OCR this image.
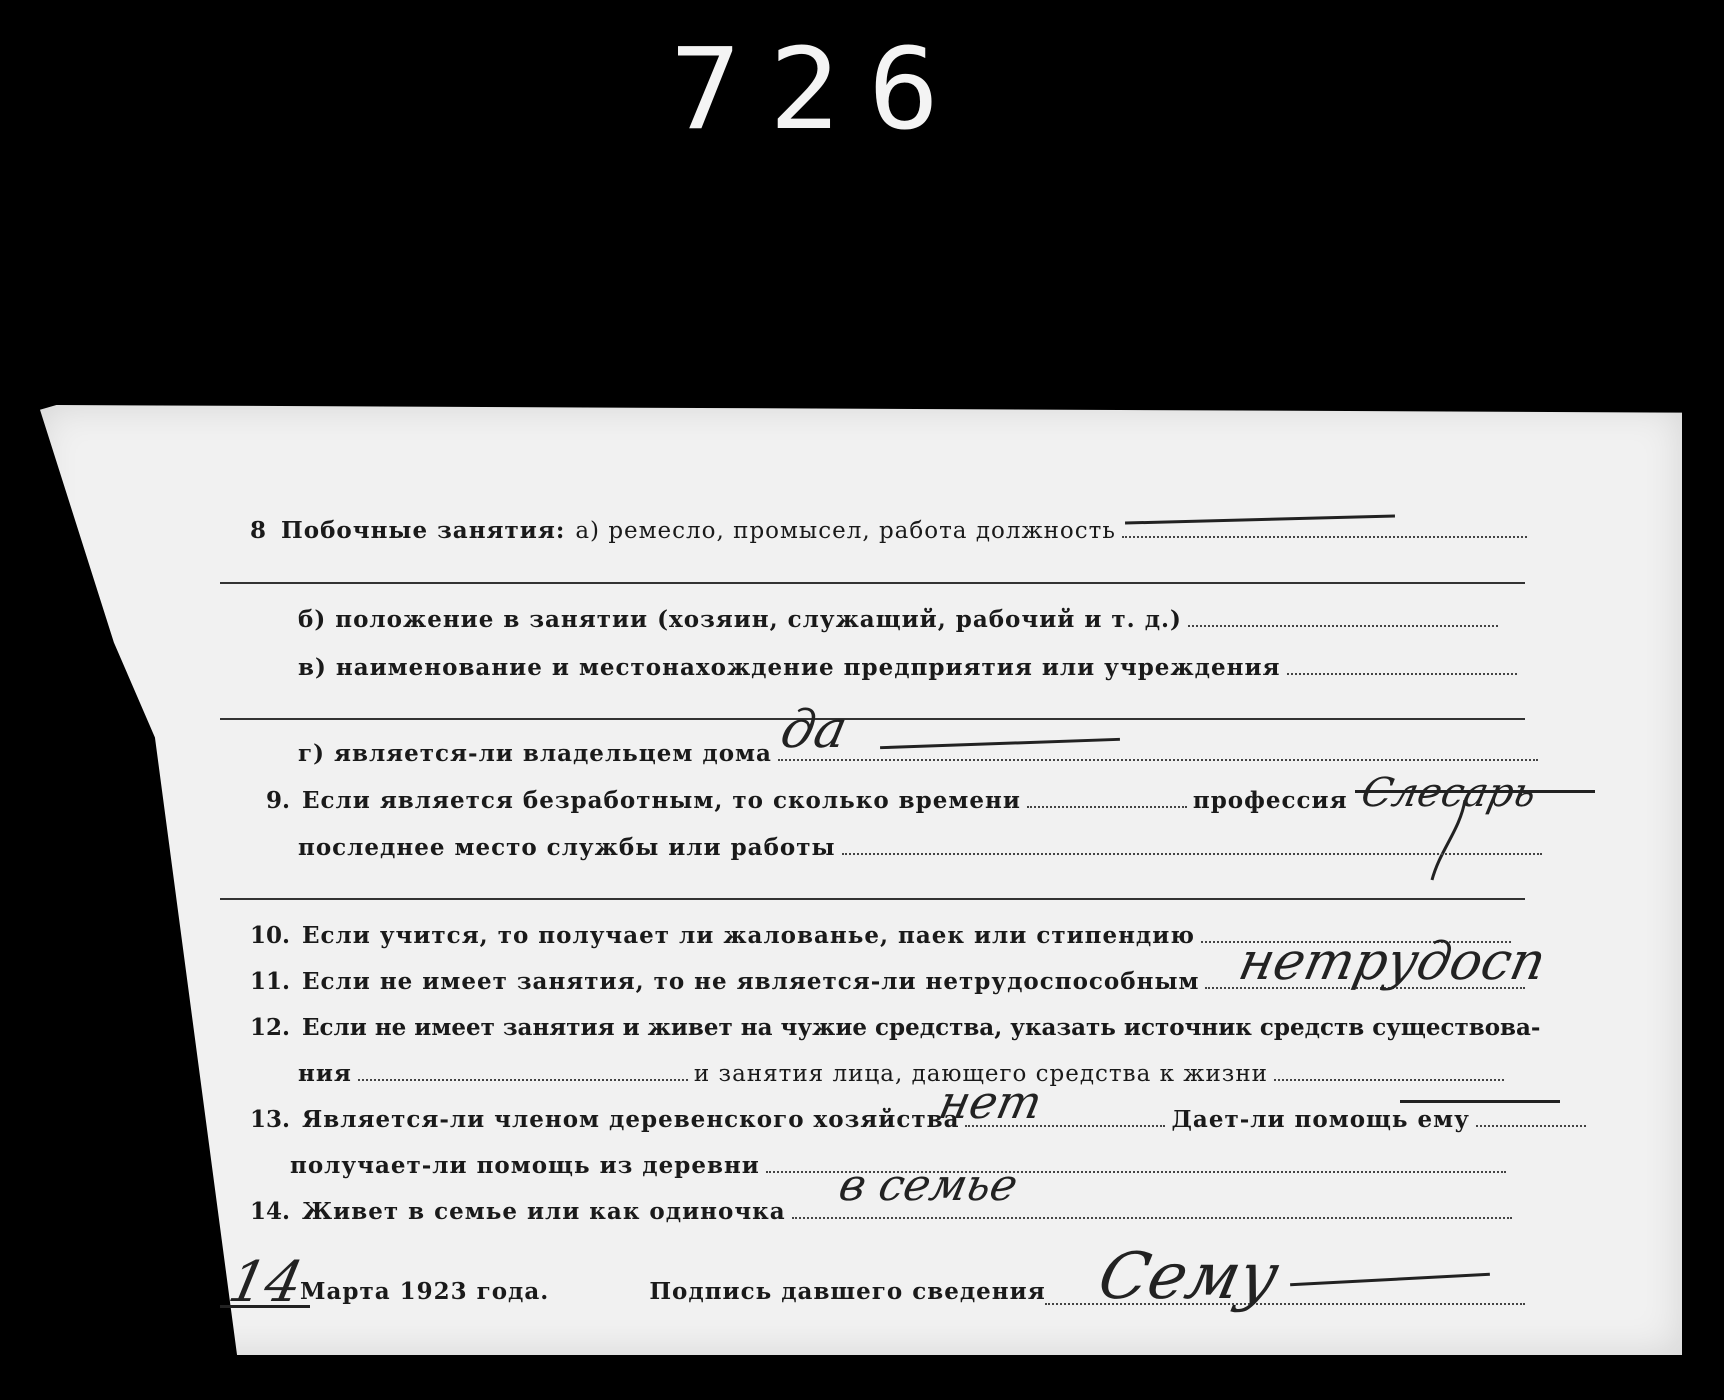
726
8 Побочные занятия: а) ремесло, промысел, работа должность
б) положение в занятии (хозяин, служащий, рабочий и т. д.)
в) наименование и местонахождение предприятия или учреждения
г) является-ли владельцем дома да
9. Если является безработным, то сколько времени	профессия Слесарь
последнее место службы или работы
10. Если учится, то получает ли жалованье, паек или стипендию
11. Если не имеет занятия, то не является-ли нетрудоспособным нетрудосп
12. Если не имеет занятия и живет на чужие средства, указать источник средств существова-
ния	и занятия лица, дающего средства к жизни
13. Является-ли членом деревенского хозяйства	Дает-ли помощь ему
нет
получает-ли помощь из деревни
14. Живет в семье или как одиночка
в семье
14
Марта 1923 года.	Подпись давшего сведения Сему
